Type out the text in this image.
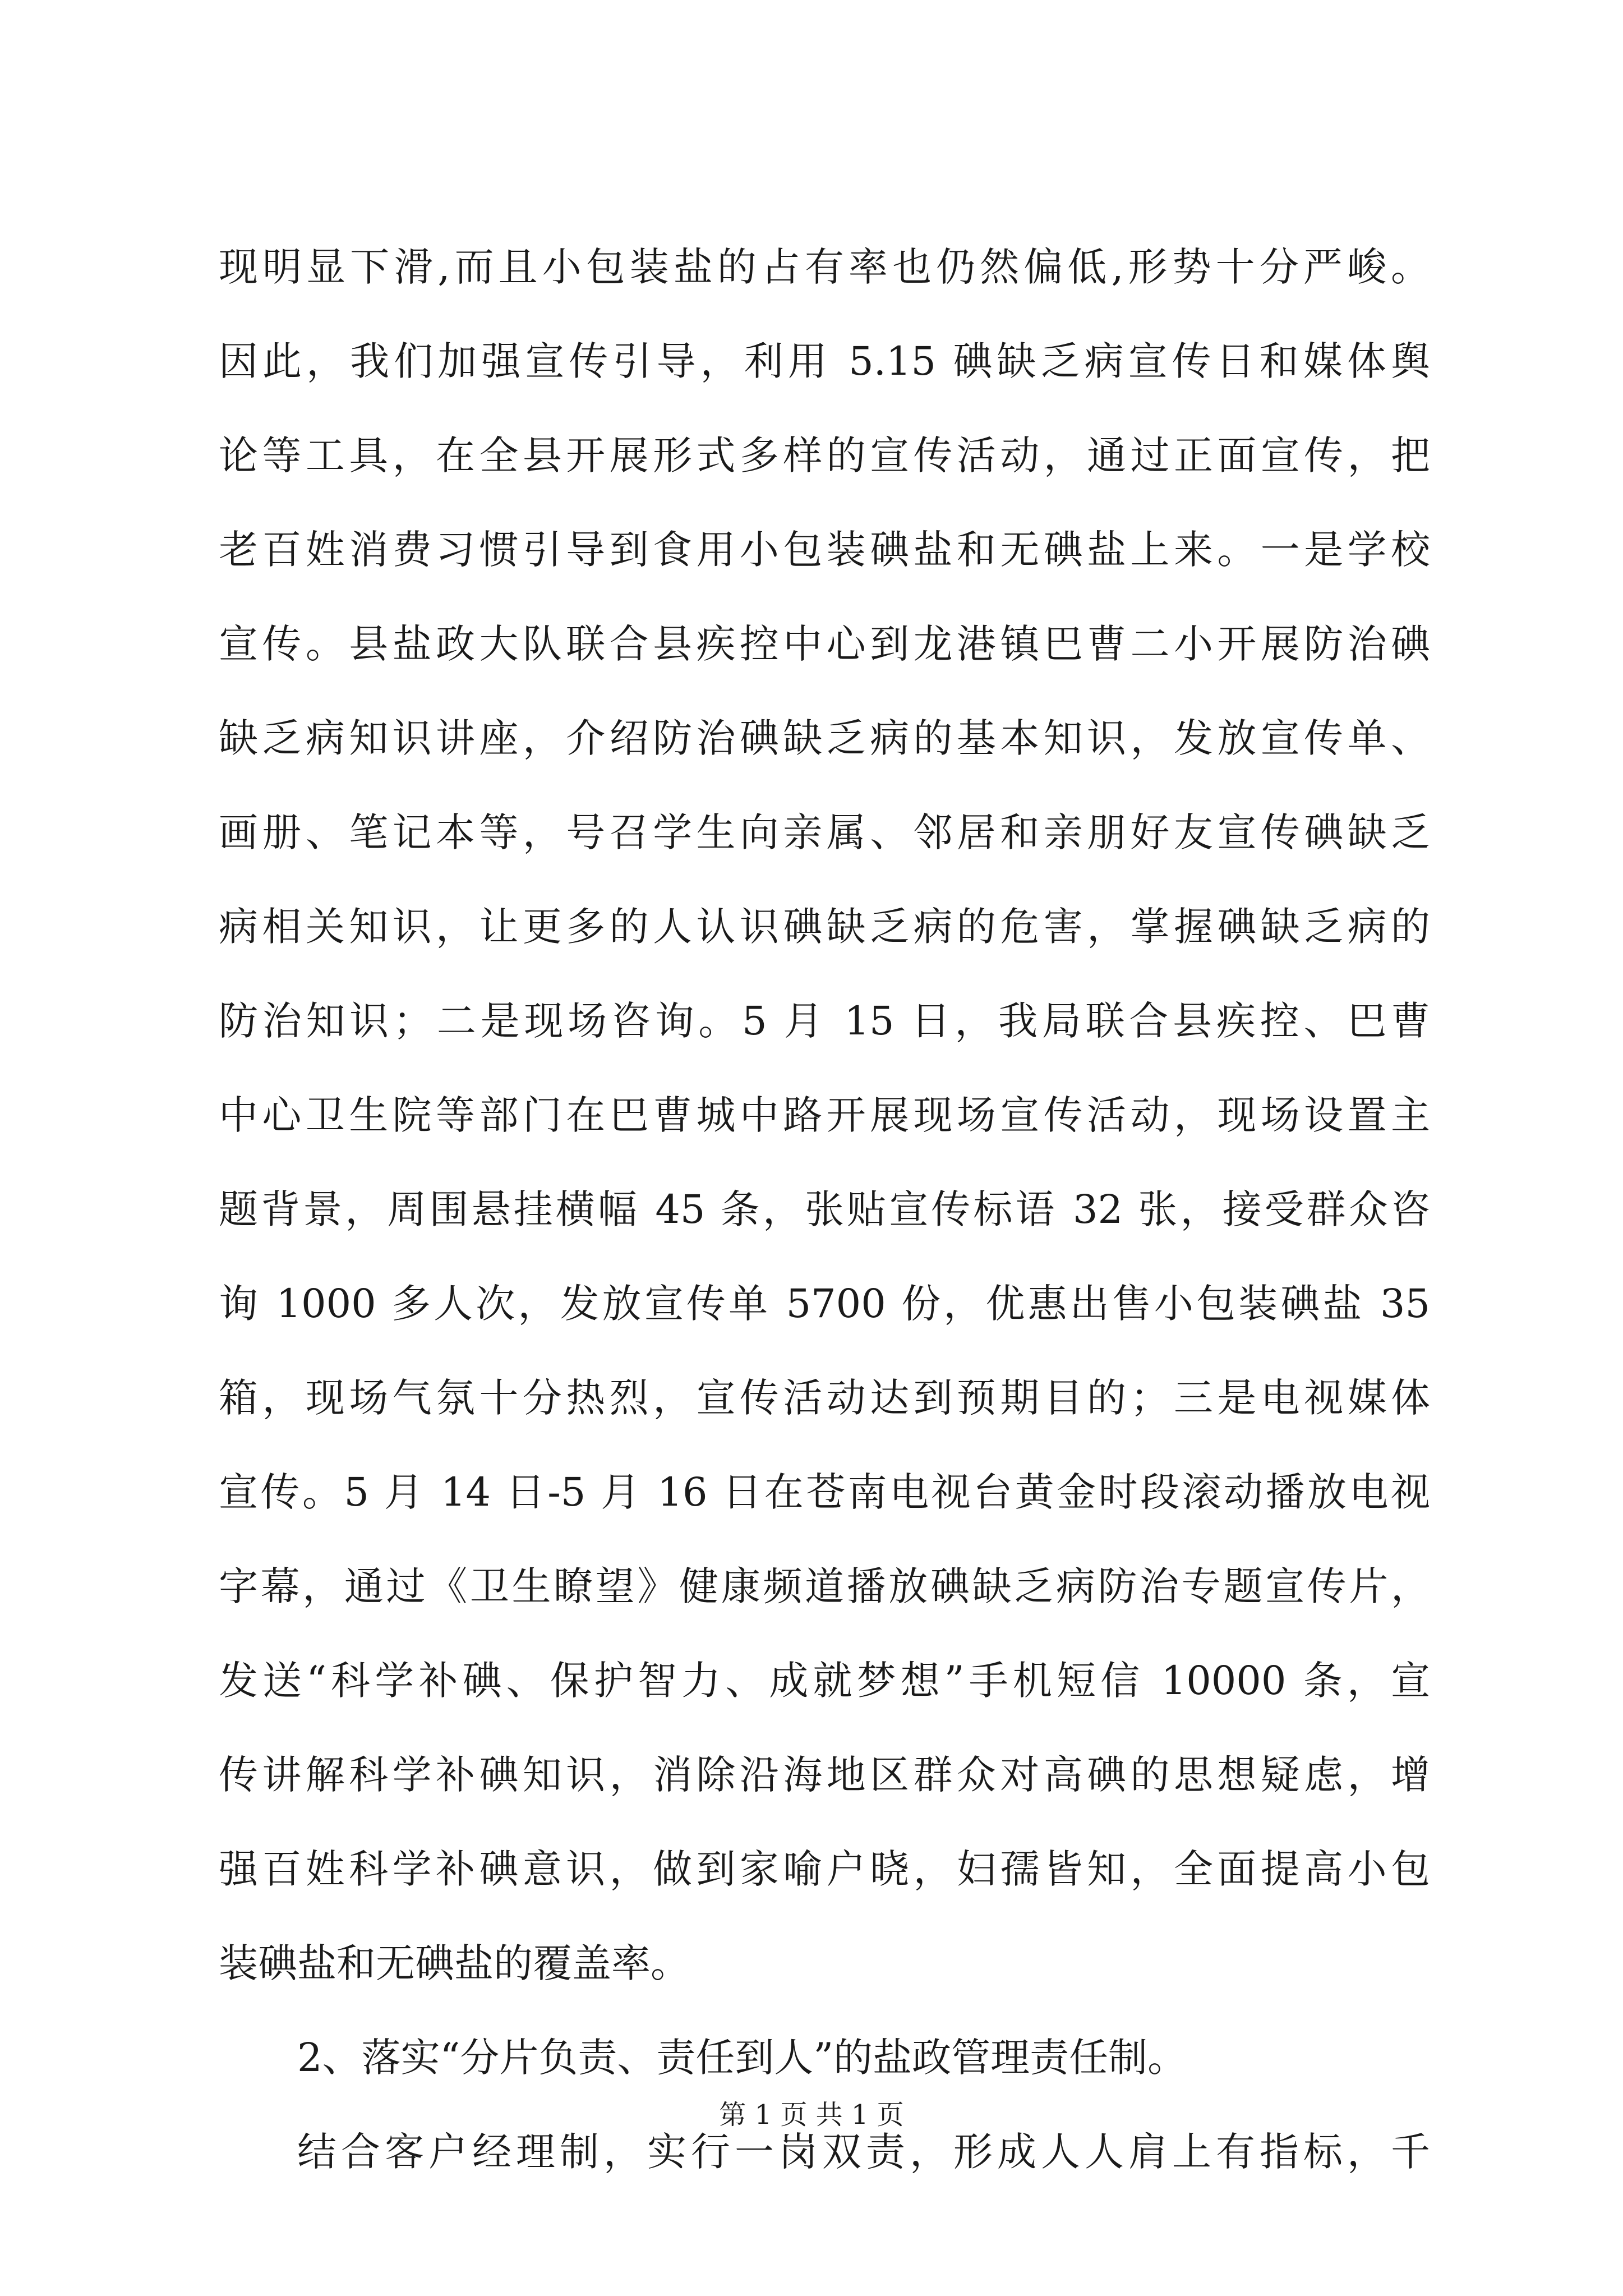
现明显下滑,而且小包装盐的占有率也仍然偏低,形势十分严峻。
因此，我们加强宣传引导，利用 5.15 碘缺乏病宣传日和媒体舆
论等工具，在全县开展形式多样的宣传活动，通过正面宣传，把
老百姓消费习惯引导到食用小包装碘盐和无碘盐上来。一是学校
宣传。县盐政大队联合县疾控中心到龙港镇巴曹二小开展防治碘
缺乏病知识讲座，介绍防治碘缺乏病的基本知识，发放宣传单、
画册、笔记本等，号召学生向亲属、邻居和亲朋好友宣传碘缺乏
病相关知识，让更多的人认识碘缺乏病的危害，掌握碘缺乏病的
防治知识；二是现场咨询。5 月 15 日，我局联合县疾控、巴曹
中心卫生院等部门在巴曹城中路开展现场宣传活动，现场设置主
题背景，周围悬挂横幅 45 条，张贴宣传标语 32 张，接受群众咨
询 1000 多人次，发放宣传单 5700 份，优惠出售小包装碘盐 35
箱，现场气氛十分热烈，宣传活动达到预期目的；三是电视媒体
宣传。5 月 14 日-5 月 16 日在苍南电视台黄金时段滚动播放电视
字幕，通过《卫生瞭望》健康频道播放碘缺乏病防治专题宣传片，
发送“科学补碘、保护智力、成就梦想”手机短信 10000 条，宣
传讲解科学补碘知识，消除沿海地区群众对高碘的思想疑虑，增
强百姓科学补碘意识，做到家喻户晓，妇孺皆知，全面提高小包
装碘盐和无碘盐的覆盖率。
2、落实“分片负责、责任到人”的盐政管理责任制。
结合客户经理制，实行一岗双责，形成人人肩上有指标，千
第 1 页 共 1 页
